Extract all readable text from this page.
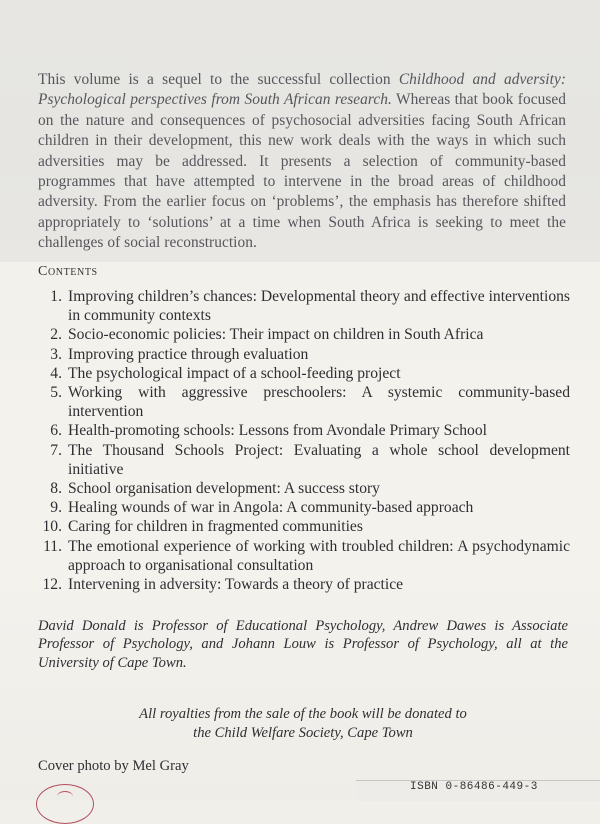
This volume is a sequel to the successful collection Childhood and adversity: Psychological perspectives from South African research. Whereas that book focused on the nature and consequences of psychosocial adversities facing South African children in their development, this new work deals with the ways in which such adversities may be addressed. It presents a selection of community-based programmes that have attempted to intervene in the broad areas of childhood adversity. From the earlier focus on ‘problems’, the emphasis has therefore shifted appropriately to ‘solutions’ at a time when South Africa is seeking to meet the challenges of social reconstruction.

Contents
1. Improving children’s chances: Developmental theory and effective interventions in community contexts
2. Socio-economic policies: Their impact on children in South Africa
3. Improving practice through evaluation
4. The psychological impact of a school-feeding project
5. Working with aggressive preschoolers: A systemic community-based intervention
6. Health-promoting schools: Lessons from Avondale Primary School
7. The Thousand Schools Project: Evaluating a whole school development initiative
8. School organisation development: A success story
9. Healing wounds of war in Angola: A community-based approach
10. Caring for children in fragmented communities
11. The emotional experience of working with troubled children: A psychodynamic approach to organisational consultation
12. Intervening in adversity: Towards a theory of practice

David Donald is Professor of Educational Psychology, Andrew Dawes is Associate Professor of Psychology, and Johann Louw is Professor of Psychology, all at the University of Cape Town.

All royalties from the sale of the book will be donated to
the Child Welfare Society, Cape Town
Cover photo by Mel Gray
ISBN 0-86486-449-3
